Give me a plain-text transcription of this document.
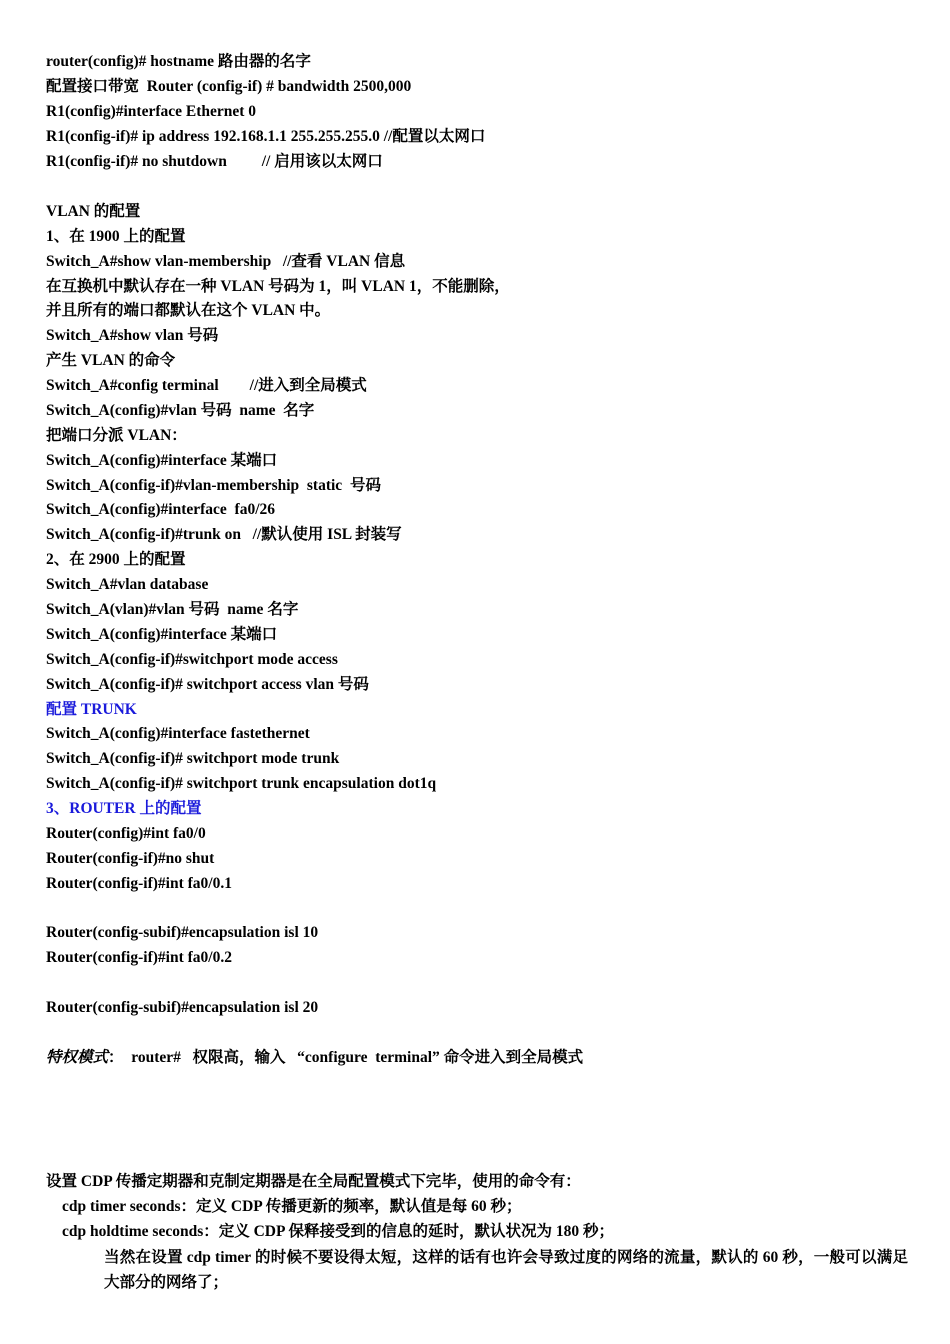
router(config)# hostname 路由器的名字
配置接口带宽  Router (config-if) # bandwidth 2500,000
R1(config)#interface Ethernet 0
R1(config-if)# ip address 192.168.1.1 255.255.255.0 //配置以太网口
R1(config-if)# no shutdown         // 启用该以太网口
VLAN 的配置
1、在 1900 上的配置
Switch_A#show vlan-membership   //查看 VLAN 信息
在互换机中默认存在一种 VLAN 号码为 1，叫 VLAN 1，不能删除，
并且所有的端口都默认在这个 VLAN 中。
Switch_A#show vlan 号码
产生 VLAN 的命令
Switch_A#config terminal        //进入到全局模式
Switch_A(config)#vlan 号码  name  名字
把端口分派 VLAN：
Switch_A(config)#interface 某端口
Switch_A(config-if)#vlan-membership  static  号码
Switch_A(config)#interface  fa0/26
Switch_A(config-if)#trunk on   //默认使用 ISL 封装写
2、在 2900 上的配置
Switch_A#vlan database
Switch_A(vlan)#vlan 号码  name 名字
Switch_A(config)#interface 某端口
Switch_A(config-if)#switchport mode access
Switch_A(config-if)# switchport access vlan 号码
配置 TRUNK
Switch_A(config)#interface fastethernet
Switch_A(config-if)# switchport mode trunk
Switch_A(config-if)# switchport trunk encapsulation dot1q
3、ROUTER 上的配置
Router(config)#int fa0/0
Router(config-if)#no shut
Router(config-if)#int fa0/0.1
Router(config-subif)#encapsulation isl 10
Router(config-if)#int fa0/0.2
Router(config-subif)#encapsulation isl 20
特权模式：  router#   权限高，输入   “configure  terminal” 命令进入到全局模式
设置 CDP 传播定期器和克制定期器是在全局配置模式下完毕，使用的命令有：
cdp timer seconds：定义 CDP 传播更新的频率，默认值是每 60 秒；
cdp holdtime seconds：定义 CDP 保释接受到的信息的延时，默认状况为 180 秒；
当然在设置 cdp timer 的时候不要设得太短，这样的话有也许会导致过度的网络的流量，默认的 60 秒，一般可以满足大部分的网络了；
